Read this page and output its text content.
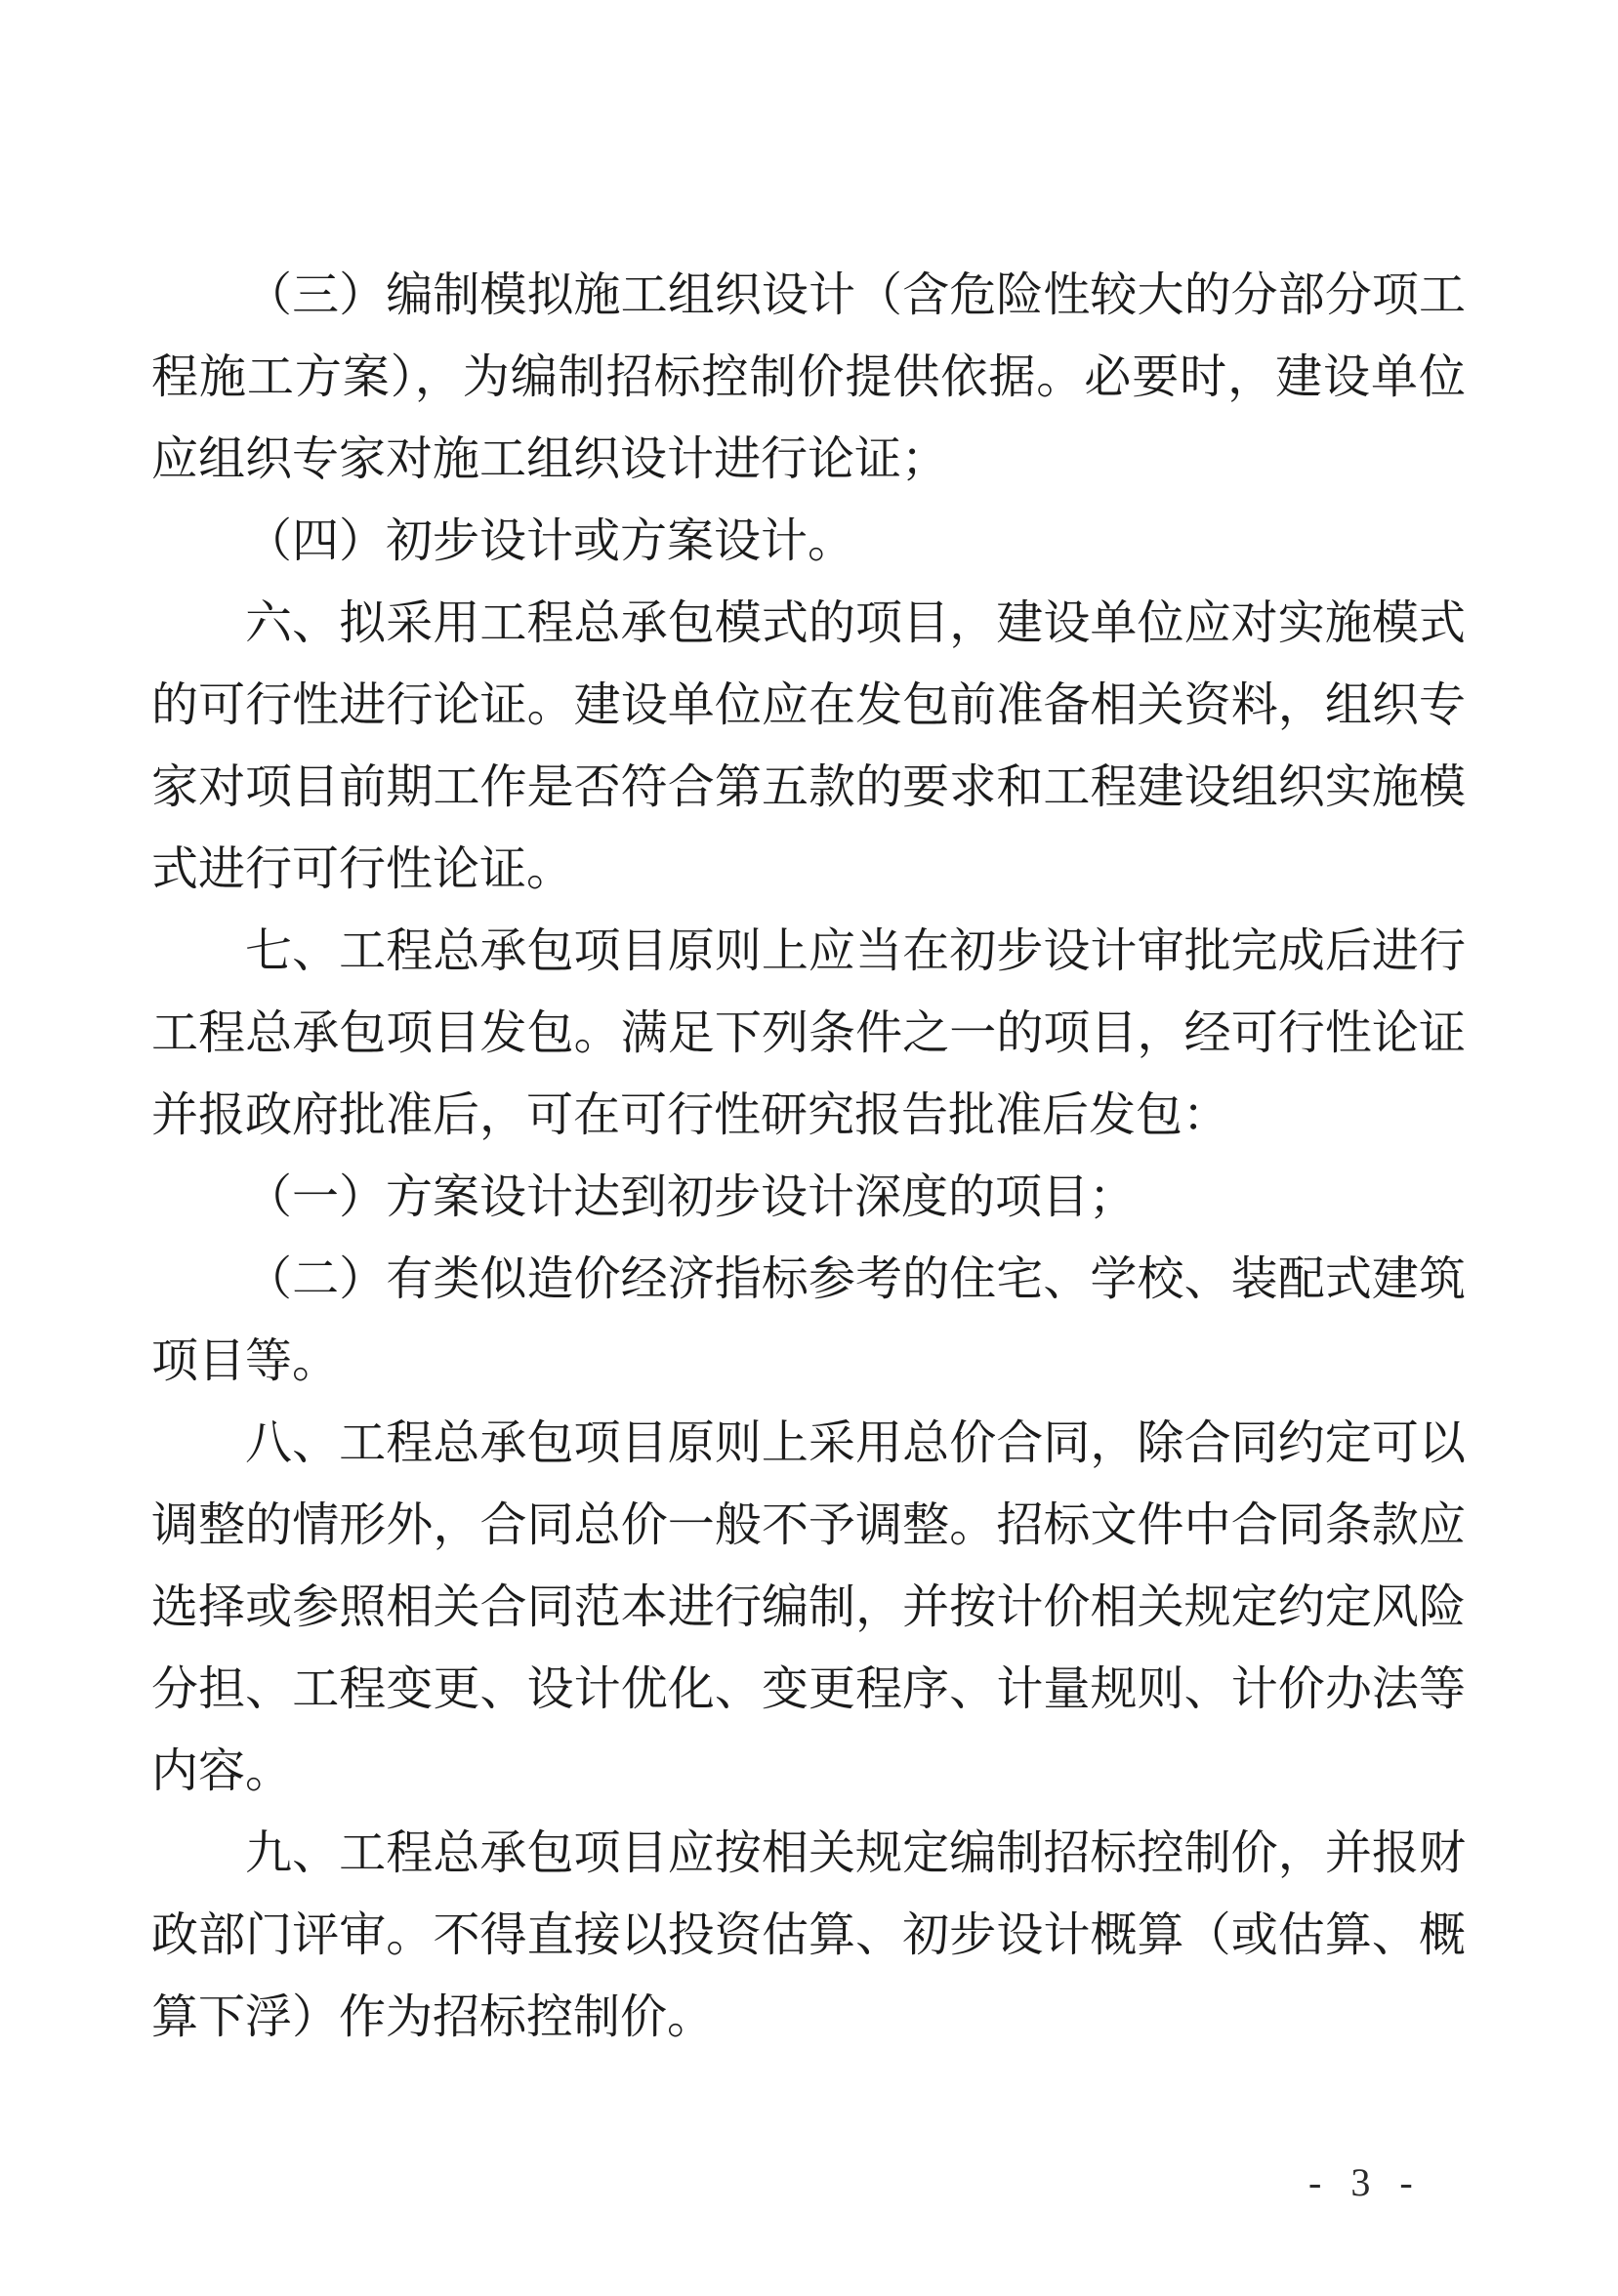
（三）编制模拟施工组织设计（含危险性较大的分部分项工程施工方案），为编制招标控制价提供依据。必要时，建设单位应组织专家对施工组织设计进行论证；

（四）初步设计或方案设计。

六、拟采用工程总承包模式的项目，建设单位应对实施模式的可行性进行论证。建设单位应在发包前准备相关资料，组织专家对项目前期工作是否符合第五款的要求和工程建设组织实施模式进行可行性论证。

七、工程总承包项目原则上应当在初步设计审批完成后进行工程总承包项目发包。满足下列条件之一的项目，经可行性论证并报政府批准后，可在可行性研究报告批准后发包：

（一）方案设计达到初步设计深度的项目；

（二）有类似造价经济指标参考的住宅、学校、装配式建筑项目等。

八、工程总承包项目原则上采用总价合同，除合同约定可以调整的情形外，合同总价一般不予调整。招标文件中合同条款应选择或参照相关合同范本进行编制，并按计价相关规定约定风险分担、工程变更、设计优化、变更程序、计量规则、计价办法等内容。

九、工程总承包项目应按相关规定编制招标控制价，并报财政部门评审。不得直接以投资估算、初步设计概算（或估算、概算下浮）作为招标控制价。

- 3 -
